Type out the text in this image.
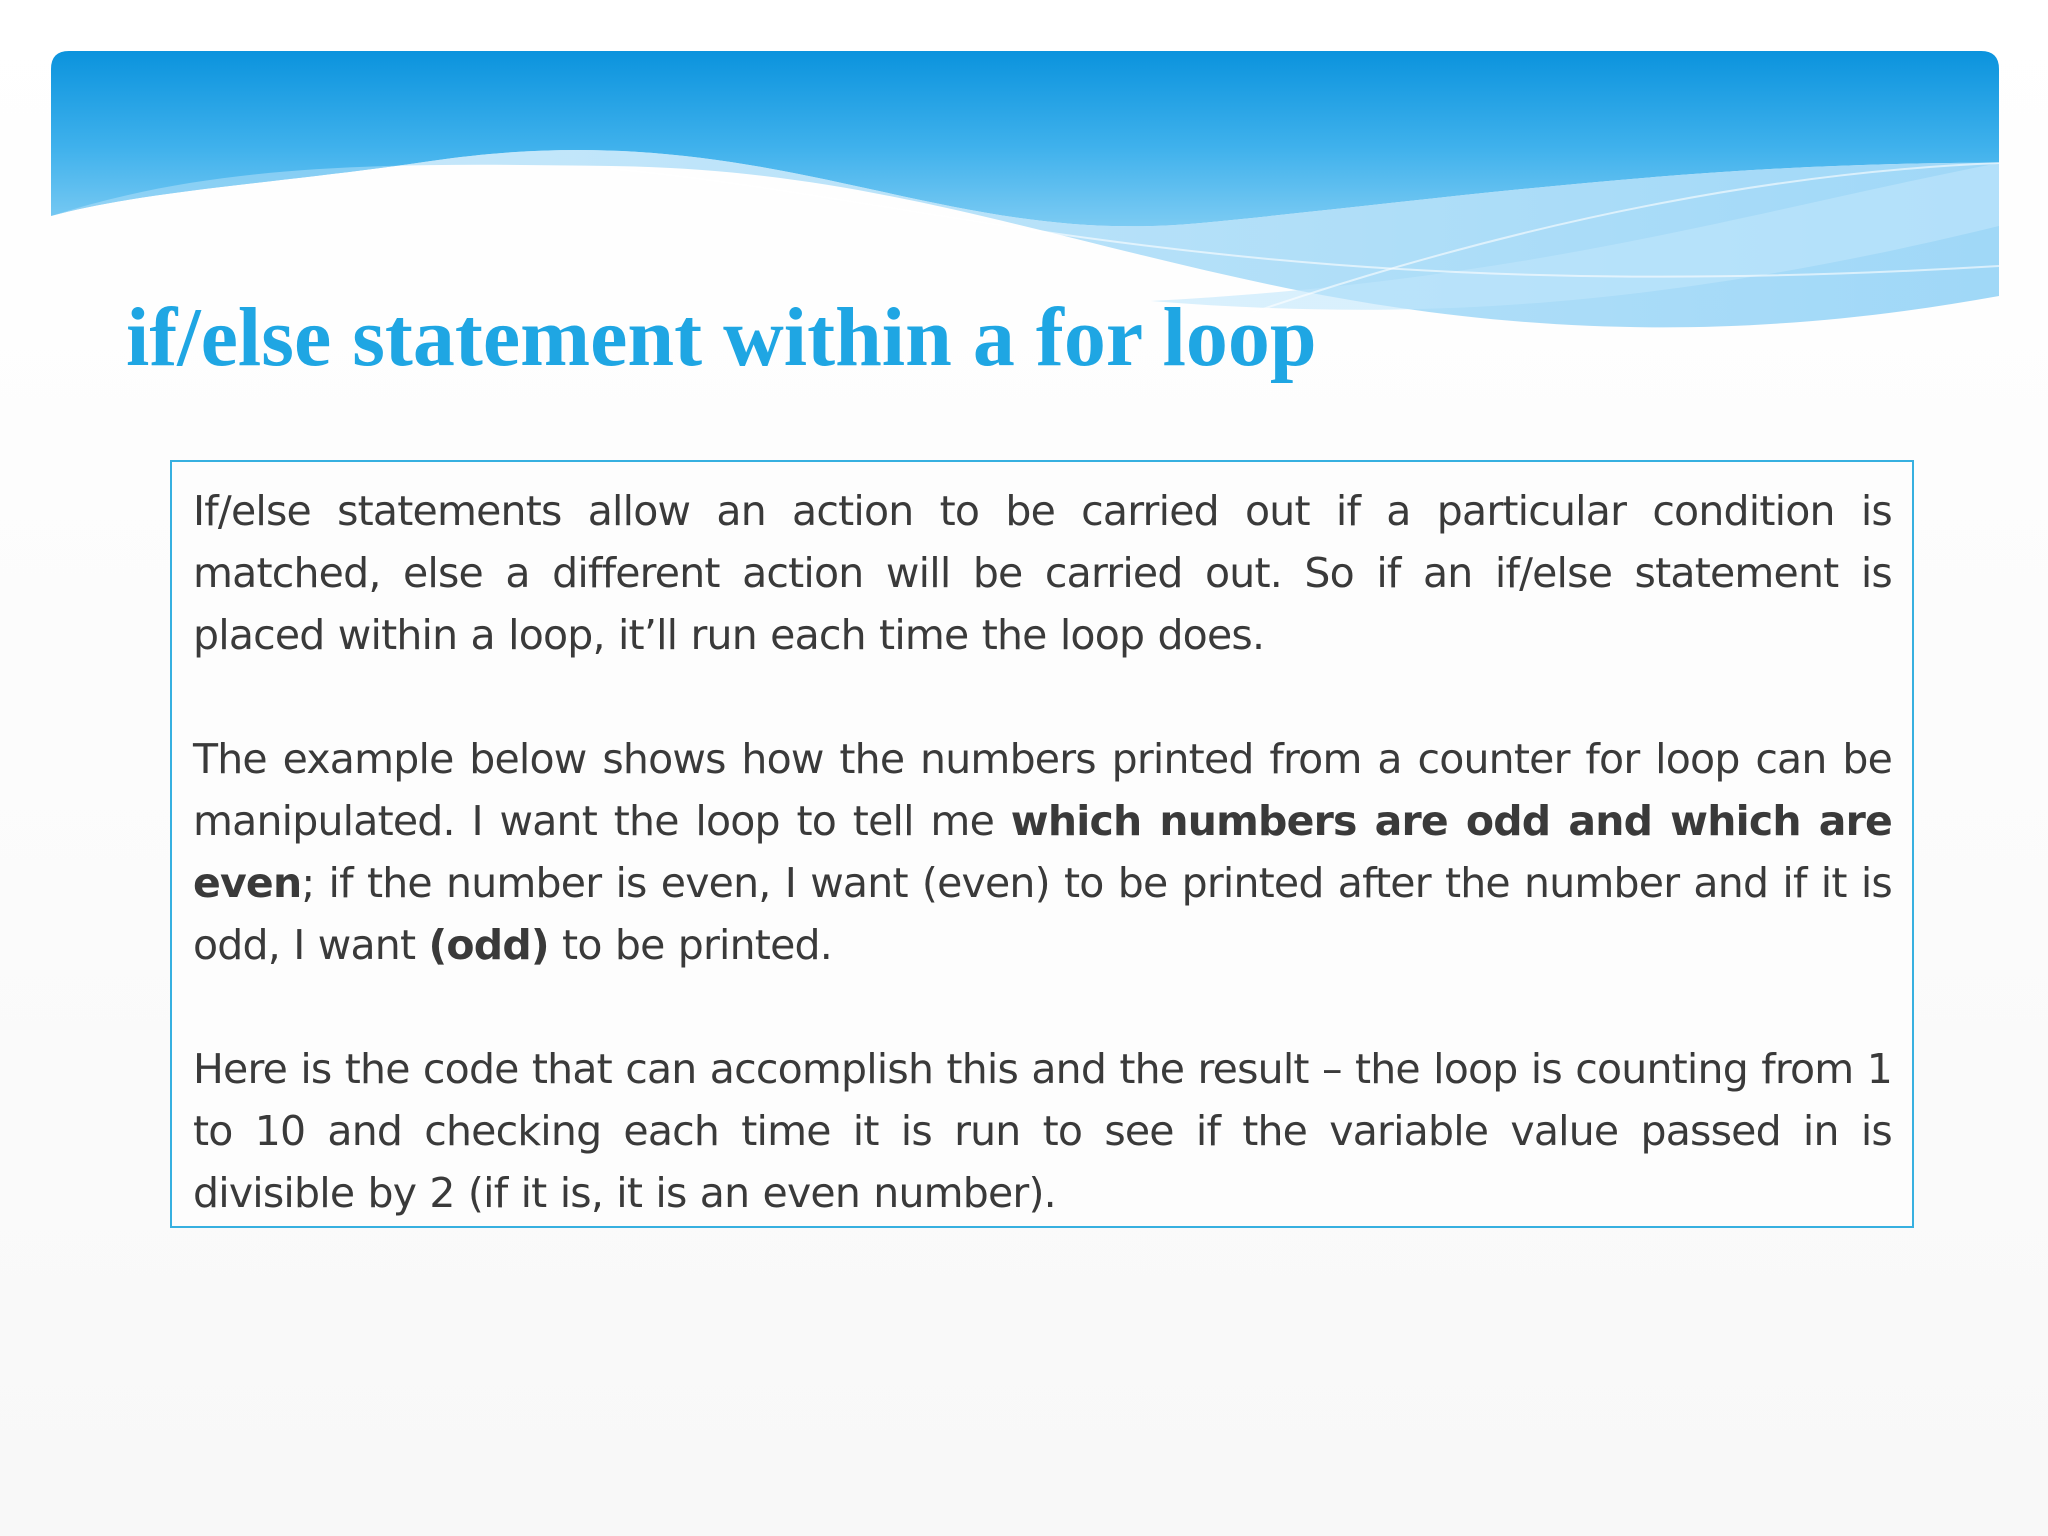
if/else statement within a for loop

If/else statements allow an action to be carried out if a particular condition is matched, else a different action will be carried out. So if an if/else statement is placed within a loop, it’ll run each time the loop does.

The example below shows how the numbers printed from a counter for loop can be manipulated. I want the loop to tell me which numbers are odd and which are even; if the number is even, I want (even) to be printed after the number and if it is odd, I want (odd) to be printed.

Here is the code that can accomplish this and the result – the loop is counting from 1 to 10 and checking each time it is run to see if the variable value passed in is divisible by 2 (if it is, it is an even number).
